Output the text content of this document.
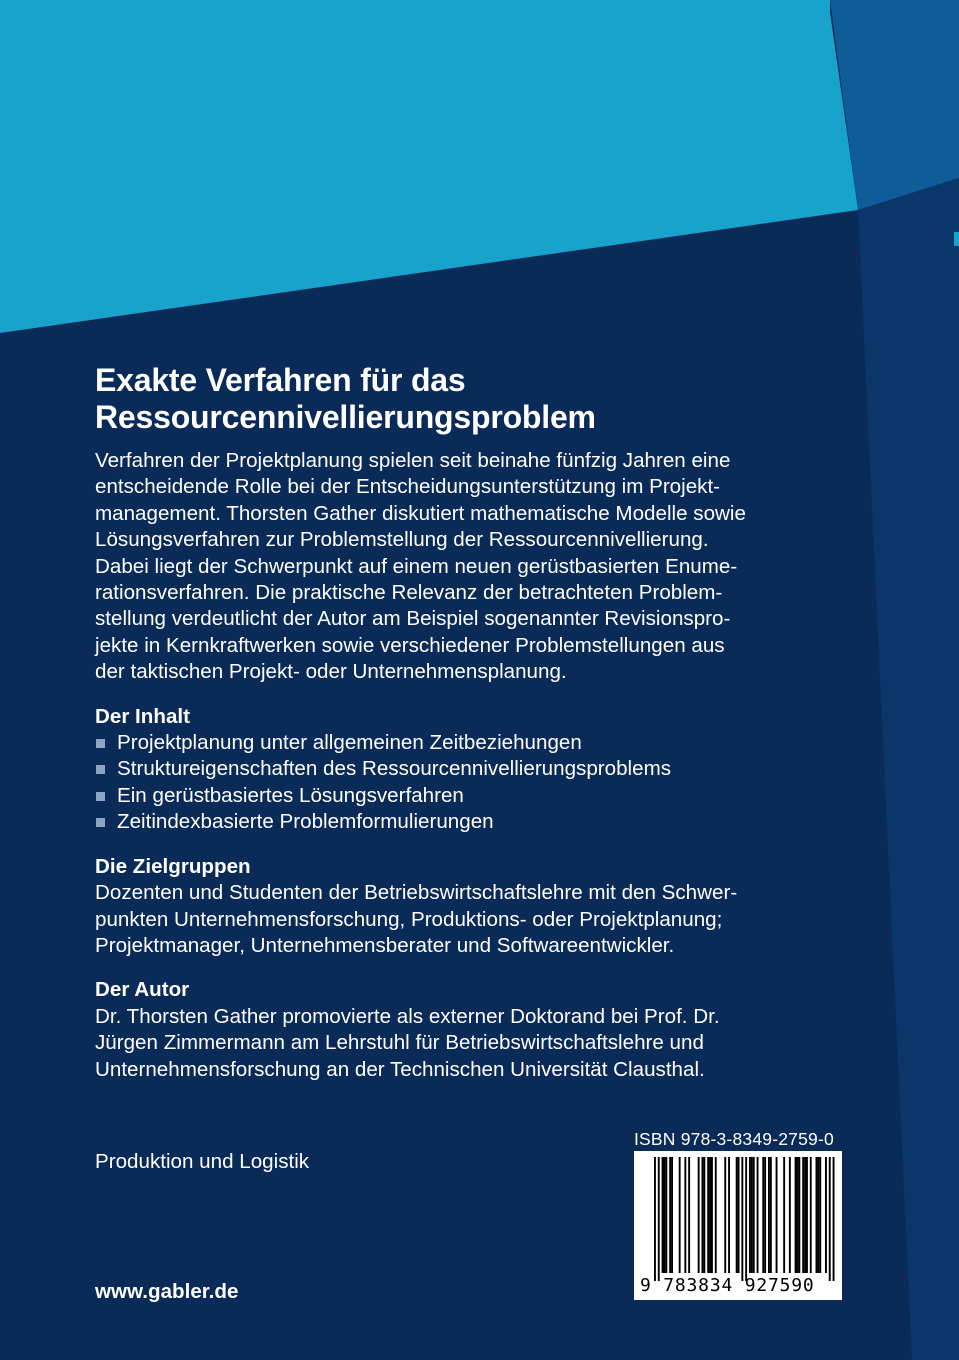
Exakte Verfahren für das
Ressourcennivellierungsproblem

Verfahren der Projektplanung spielen seit beinahe fünfzig Jahren eine
entscheidende Rolle bei der Entscheidungsunterstützung im Projekt-
management. Thorsten Gather diskutiert mathematische Modelle sowie
Lösungsverfahren zur Problemstellung der Ressourcennivellierung.
Dabei liegt der Schwerpunkt auf einem neuen gerüstbasierten Enume-
rationsverfahren. Die praktische Relevanz der betrachteten Problem-
stellung verdeutlicht der Autor am Beispiel sogenannter Revisionspro-
jekte in Kernkraftwerken sowie verschiedener Problemstellungen aus
der taktischen Projekt- oder Unternehmensplanung.

Der Inhalt
Projektplanung unter allgemeinen Zeitbeziehungen
Struktureigenschaften des Ressourcennivellierungsproblems
Ein gerüstbasiertes Lösungsverfahren
Zeitindexbasierte Problemformulierungen
Die Zielgruppen

Dozenten und Studenten der Betriebswirtschaftslehre mit den Schwer-
punkten Unternehmensforschung, Produktions- oder Projektplanung;
Projektmanager, Unternehmensberater und Softwareentwickler.

Der Autor

Dr. Thorsten Gather promovierte als externer Doktorand bei Prof. Dr.
Jürgen Zimmermann am Lehrstuhl für Betriebswirtschaftslehre und
Unternehmensforschung an der Technischen Universität Clausthal.

Produktion und Logistik
www.gabler.de
ISBN 978-3-8349-2759-0
9 783834 927590
